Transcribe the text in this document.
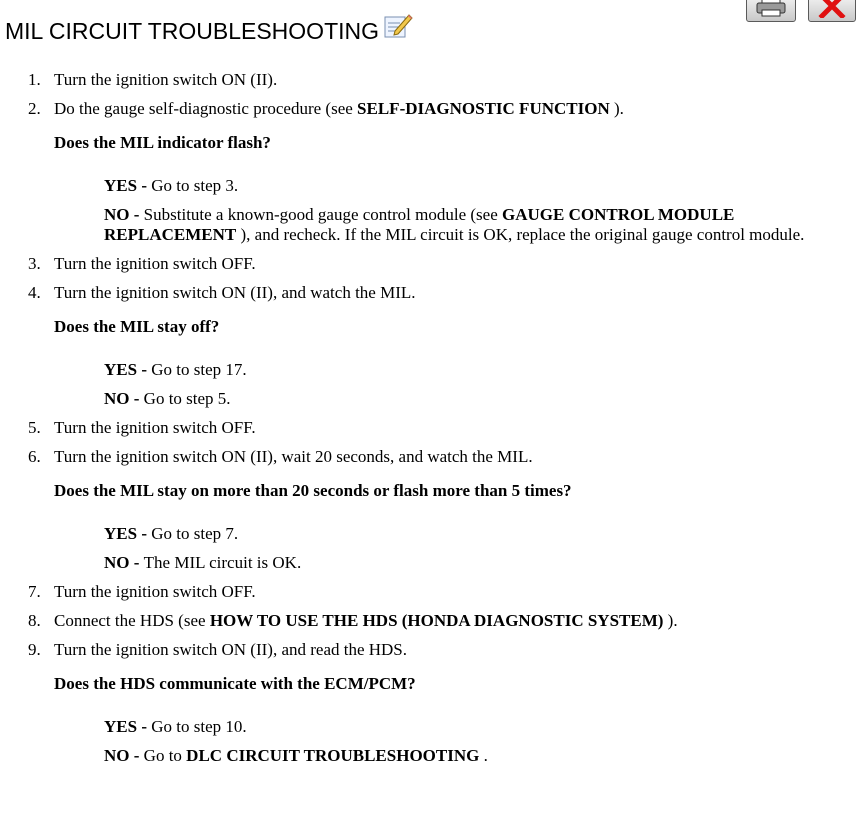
MIL CIRCUIT TROUBLESHOOTING
1. Turn the ignition switch ON (II).
2. Do the gauge self-diagnostic procedure (see SELF-DIAGNOSTIC FUNCTION ).
Does the MIL indicator flash?
YES - Go to step 3.
NO - Substitute a known-good gauge control module (see GAUGE CONTROL MODULE REPLACEMENT ), and recheck. If the MIL circuit is OK, replace the original gauge control module.
3. Turn the ignition switch OFF.
4. Turn the ignition switch ON (II), and watch the MIL.
Does the MIL stay off?
YES - Go to step 17.
NO - Go to step 5.
5. Turn the ignition switch OFF.
6. Turn the ignition switch ON (II), wait 20 seconds, and watch the MIL.
Does the MIL stay on more than 20 seconds or flash more than 5 times?
YES - Go to step 7.
NO - The MIL circuit is OK.
7. Turn the ignition switch OFF.
8. Connect the HDS (see HOW TO USE THE HDS (HONDA DIAGNOSTIC SYSTEM) ).
9. Turn the ignition switch ON (II), and read the HDS.
Does the HDS communicate with the ECM/PCM?
YES - Go to step 10.
NO - Go to DLC CIRCUIT TROUBLESHOOTING .
